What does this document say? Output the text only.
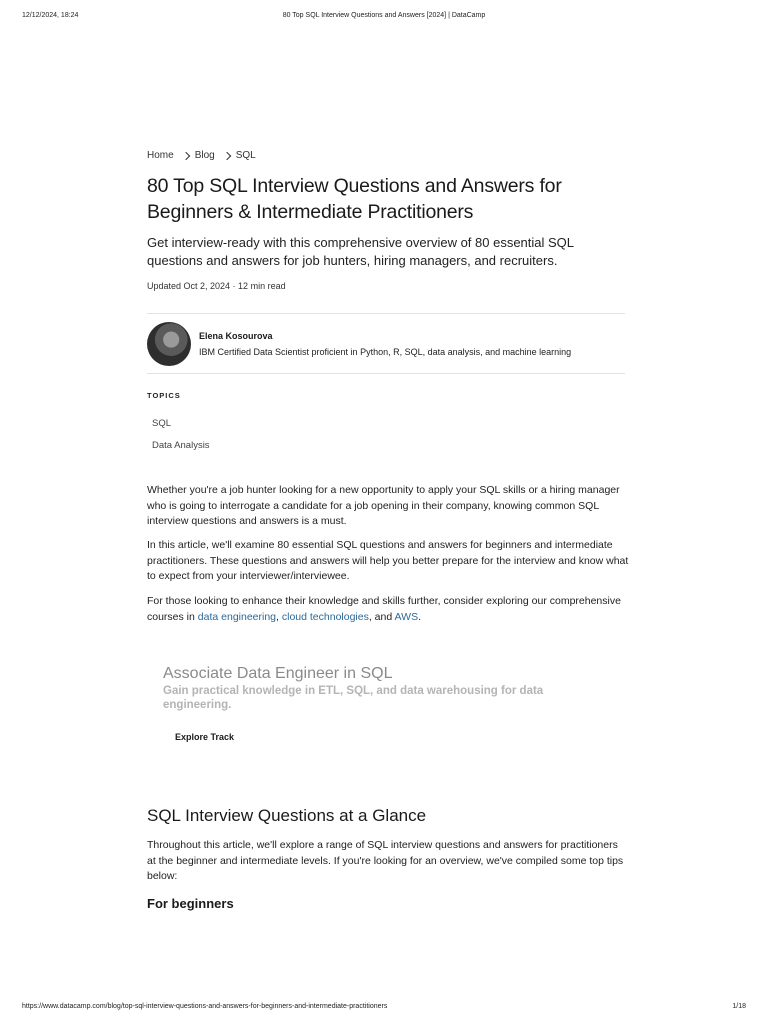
12/12/2024, 18:24	80 Top SQL Interview Questions and Answers [2024] | DataCamp
Home Blog SQL
80 Top SQL Interview Questions and Answers for Beginners & Intermediate Practitioners

Get interview-ready with this comprehensive overview of 80 essential SQL questions and answers for job hunters, hiring managers, and recruiters.

Updated Oct 2, 2024 · 12 min read
Elena Kosourova
IBM Certified Data Scientist proficient in Python, R, SQL, data analysis, and machine learning
TOPICS
SQL
Data Analysis

Whether you're a job hunter looking for a new opportunity to apply your SQL skills or a hiring manager who is going to interrogate a candidate for a job opening in their company, knowing common SQL interview questions and answers is a must.

In this article, we'll examine 80 essential SQL questions and answers for beginners and intermediate practitioners. These questions and answers will help you better prepare for the interview and know what to expect from your interviewer/interviewee.

For those looking to enhance their knowledge and skills further, consider exploring our comprehensive courses in data engineering, cloud technologies, and AWS.

Associate Data Engineer in SQL
Gain practical knowledge in ETL, SQL, and data warehousing for data engineering.
Explore Track
SQL Interview Questions at a Glance

Throughout this article, we'll explore a range of SQL interview questions and answers for practitioners at the beginner and intermediate levels. If you're looking for an overview, we've compiled some top tips below:

For beginners
https://www.datacamp.com/blog/top-sql-interview-questions-and-answers-for-beginners-and-intermediate-practitioners	1/18
